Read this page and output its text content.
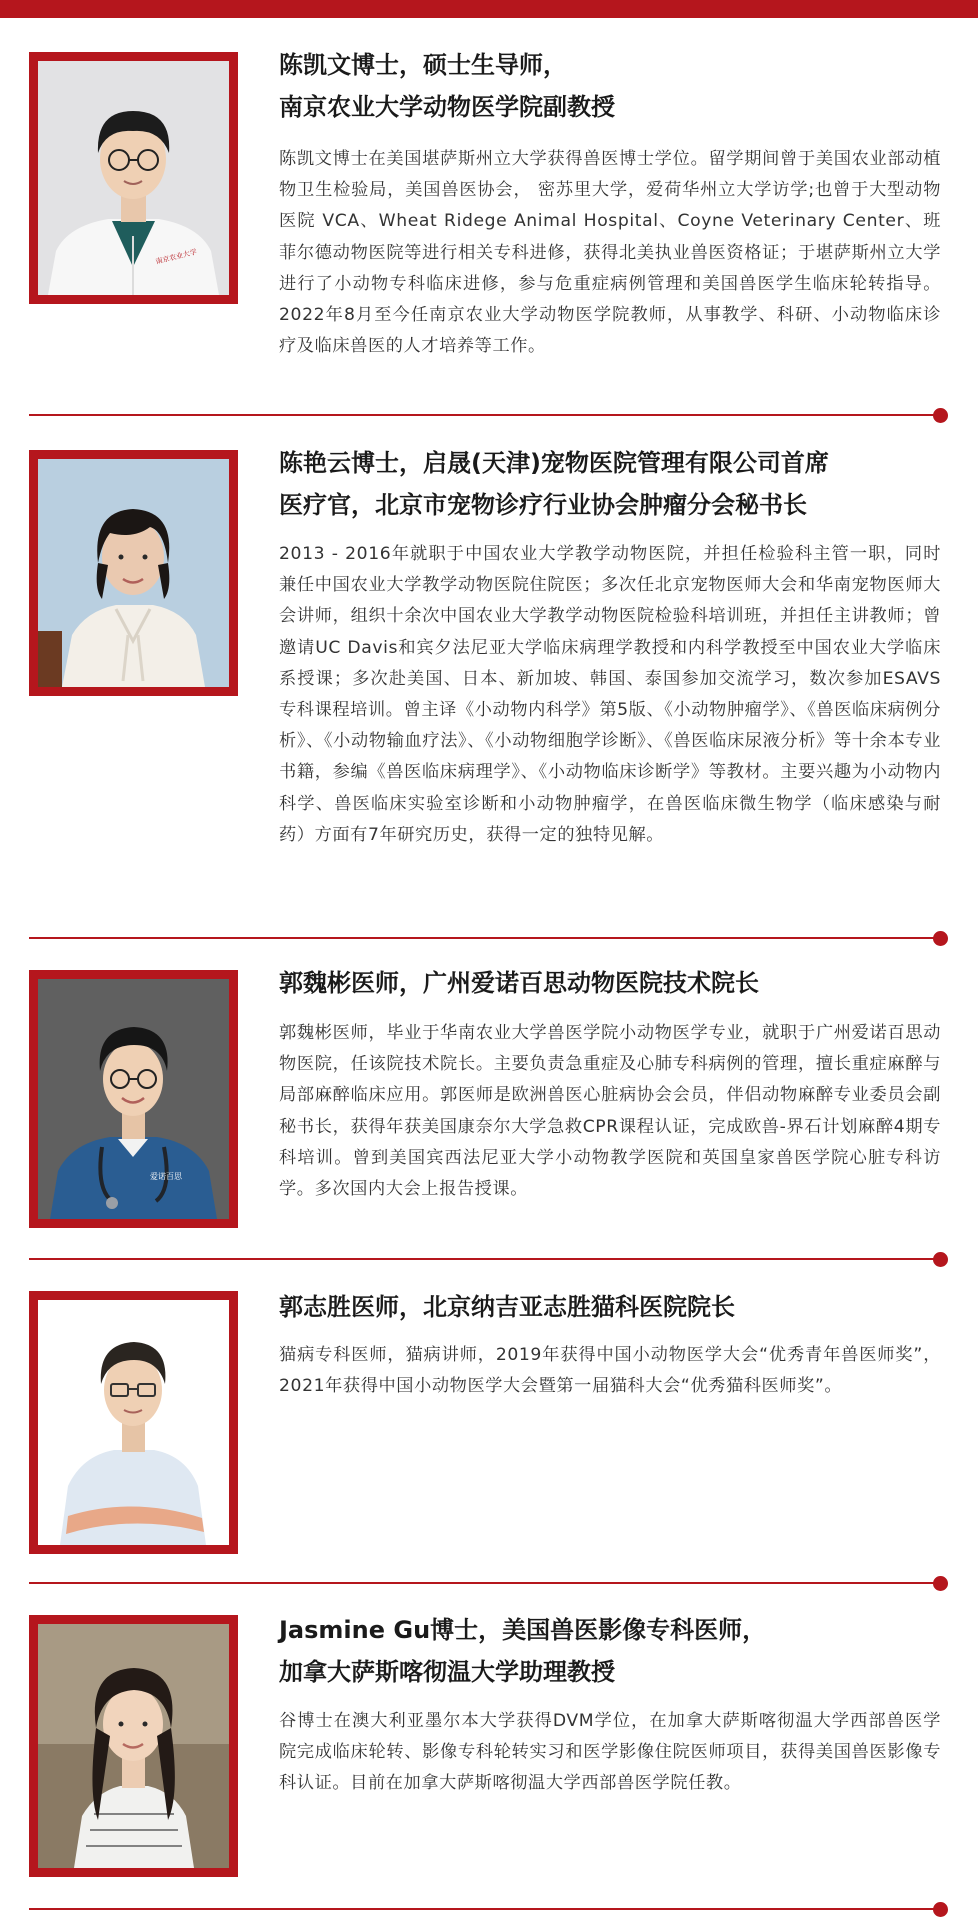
南京农业大学
陈凯文博士，硕士生导师，
南京农业大学动物医学院副教授

陈凯文博士在美国堪萨斯州立大学获得兽医博士学位。留学期间曾于美国农业部动植物卫生检验局，美国兽医协会， 密苏里大学，爱荷华州立大学访学;也曾于大型动物医院 VCA、Wheat Ridege Animal Hospital、Coyne Veterinary Center、班菲尔德动物医院等进行相关专科进修，获得北美执业兽医资格证；于堪萨斯州立大学进行了小动物专科临床进修，参与危重症病例管理和美国兽医学生临床轮转指导。2022年8月至今任南京农业大学动物医学院教师，从事教学、科研、小动物临床诊疗及临床兽医的人才培养等工作。

陈艳云博士，启晟(天津)宠物医院管理有限公司首席
医疗官，北京市宠物诊疗行业协会肿瘤分会秘书长

2013 - 2016年就职于中国农业大学教学动物医院，并担任检验科主管一职，同时兼任中国农业大学教学动物医院住院医；多次任北京宠物医师大会和华南宠物医师大会讲师，组织十余次中国农业大学教学动物医院检验科培训班，并担任主讲教师；曾邀请UC Davis和宾夕法尼亚大学临床病理学教授和内科学教授至中国农业大学临床系授课；多次赴美国、日本、新加坡、韩国、泰国参加交流学习，数次参加ESAVS专科课程培训。曾主译《小动物内科学》第5版、《小动物肿瘤学》、《兽医临床病例分析》、《小动物输血疗法》、《小动物细胞学诊断》、《兽医临床尿液分析》等十余本专业书籍，参编《兽医临床病理学》、《小动物临床诊断学》等教材。主要兴趣为小动物内科学、兽医临床实验室诊断和小动物肿瘤学，在兽医临床微生物学（临床感染与耐药）方面有7年研究历史，获得一定的独特见解。

爱诺百思
郭魏彬医师，广州爱诺百思动物医院技术院长

郭魏彬医师，毕业于华南农业大学兽医学院小动物医学专业，就职于广州爱诺百思动物医院，任该院技术院长。主要负责急重症及心肺专科病例的管理，擅长重症麻醉与局部麻醉临床应用。郭医师是欧洲兽医心脏病协会会员，伴侣动物麻醉专业委员会副秘书长，获得年获美国康奈尔大学急救CPR课程认证，完成欧兽-界石计划麻醉4期专科培训。曾到美国宾西法尼亚大学小动物教学医院和英国皇家兽医学院心脏专科访学。多次国内大会上报告授课。

郭志胜医师，北京纳吉亚志胜猫科医院院长

猫病专科医师，猫病讲师，2019年获得中国小动物医学大会“优秀青年兽医师奖”，2021年获得中国小动物医学大会暨第一届猫科大会“优秀猫科医师奖”。

Jasmine Gu博士，美国兽医影像专科医师，
加拿大萨斯喀彻温大学助理教授

谷博士在澳大利亚墨尔本大学获得DVM学位，在加拿大萨斯喀彻温大学西部兽医学院完成临床轮转、影像专科轮转实习和医学影像住院医师项目，获得美国兽医影像专科认证。目前在加拿大萨斯喀彻温大学西部兽医学院任教。
